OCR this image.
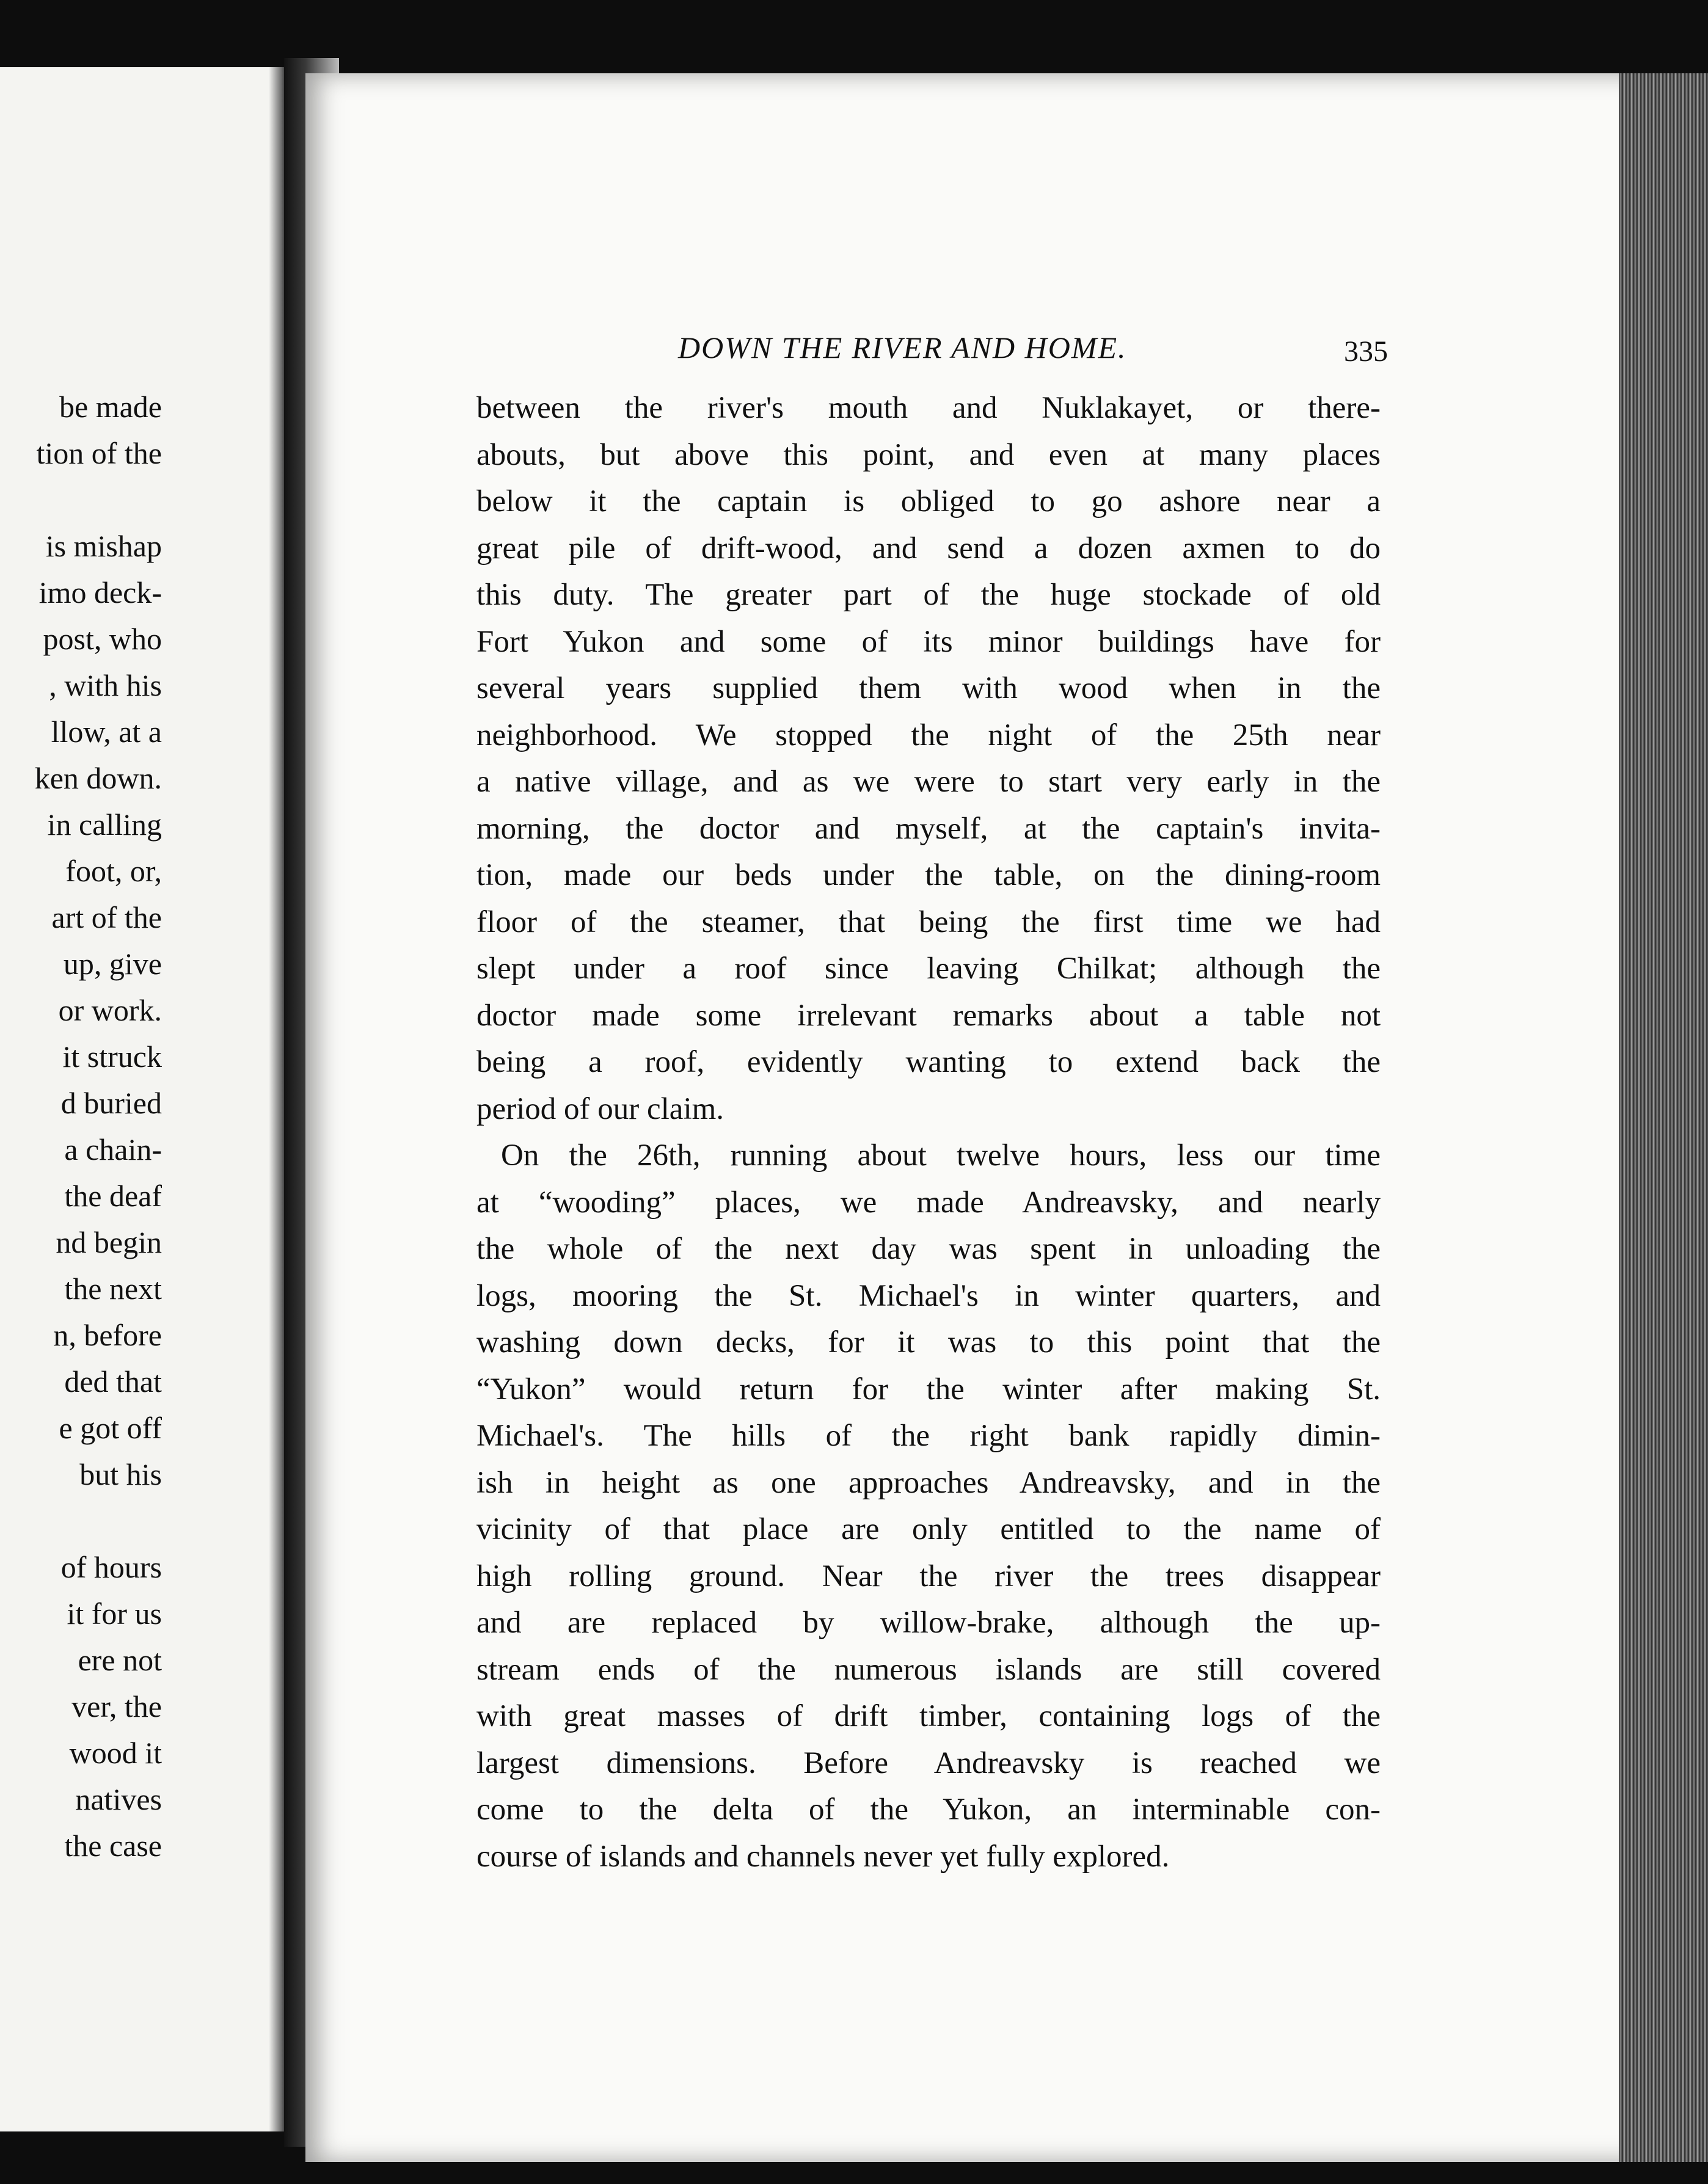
be made
tion of the
is mishap
imo deck-
post, who
, with his
llow, at a
ken down.
in calling
foot, or,
art of the
up, give
or work.
it struck
d buried
a chain-
the deaf
nd begin
the next
n, before
ded that
e got off
but his
of hours
it for us
ere not
ver, the
wood it
natives
the case
DOWN THE RIVER AND HOME.	335

between the river's mouth and Nuklakayet, or there-
abouts, but above this point, and even at many places
below it the captain is obliged to go ashore near a
great pile of drift-wood, and send a dozen axmen to do
this duty. The greater part of the huge stockade of old
Fort Yukon and some of its minor buildings have for
several years supplied them with wood when in the
neighborhood. We stopped the night of the 25th near
a native village, and as we were to start very early in the
morning, the doctor and myself, at the captain's invita-
tion, made our beds under the table, on the dining-room
floor of the steamer, that being the first time we had
slept under a roof since leaving Chilkat; although the
doctor made some irrelevant remarks about a table not
being a roof, evidently wanting to extend back the
period of our claim.

On the 26th, running about twelve hours, less our time
at “wooding” places, we made Andreavsky, and nearly
the whole of the next day was spent in unloading the
logs, mooring the St. Michael's in winter quarters, and
washing down decks, for it was to this point that the
“Yukon” would return for the winter after making St.
Michael's. The hills of the right bank rapidly dimin-
ish in height as one approaches Andreavsky, and in the
vicinity of that place are only entitled to the name of
high rolling ground. Near the river the trees disappear
and are replaced by willow-brake, although the up-
stream ends of the numerous islands are still covered
with great masses of drift timber, containing logs of the
largest dimensions. Before Andreavsky is reached we
come to the delta of the Yukon, an interminable con-
course of islands and channels never yet fully explored.
